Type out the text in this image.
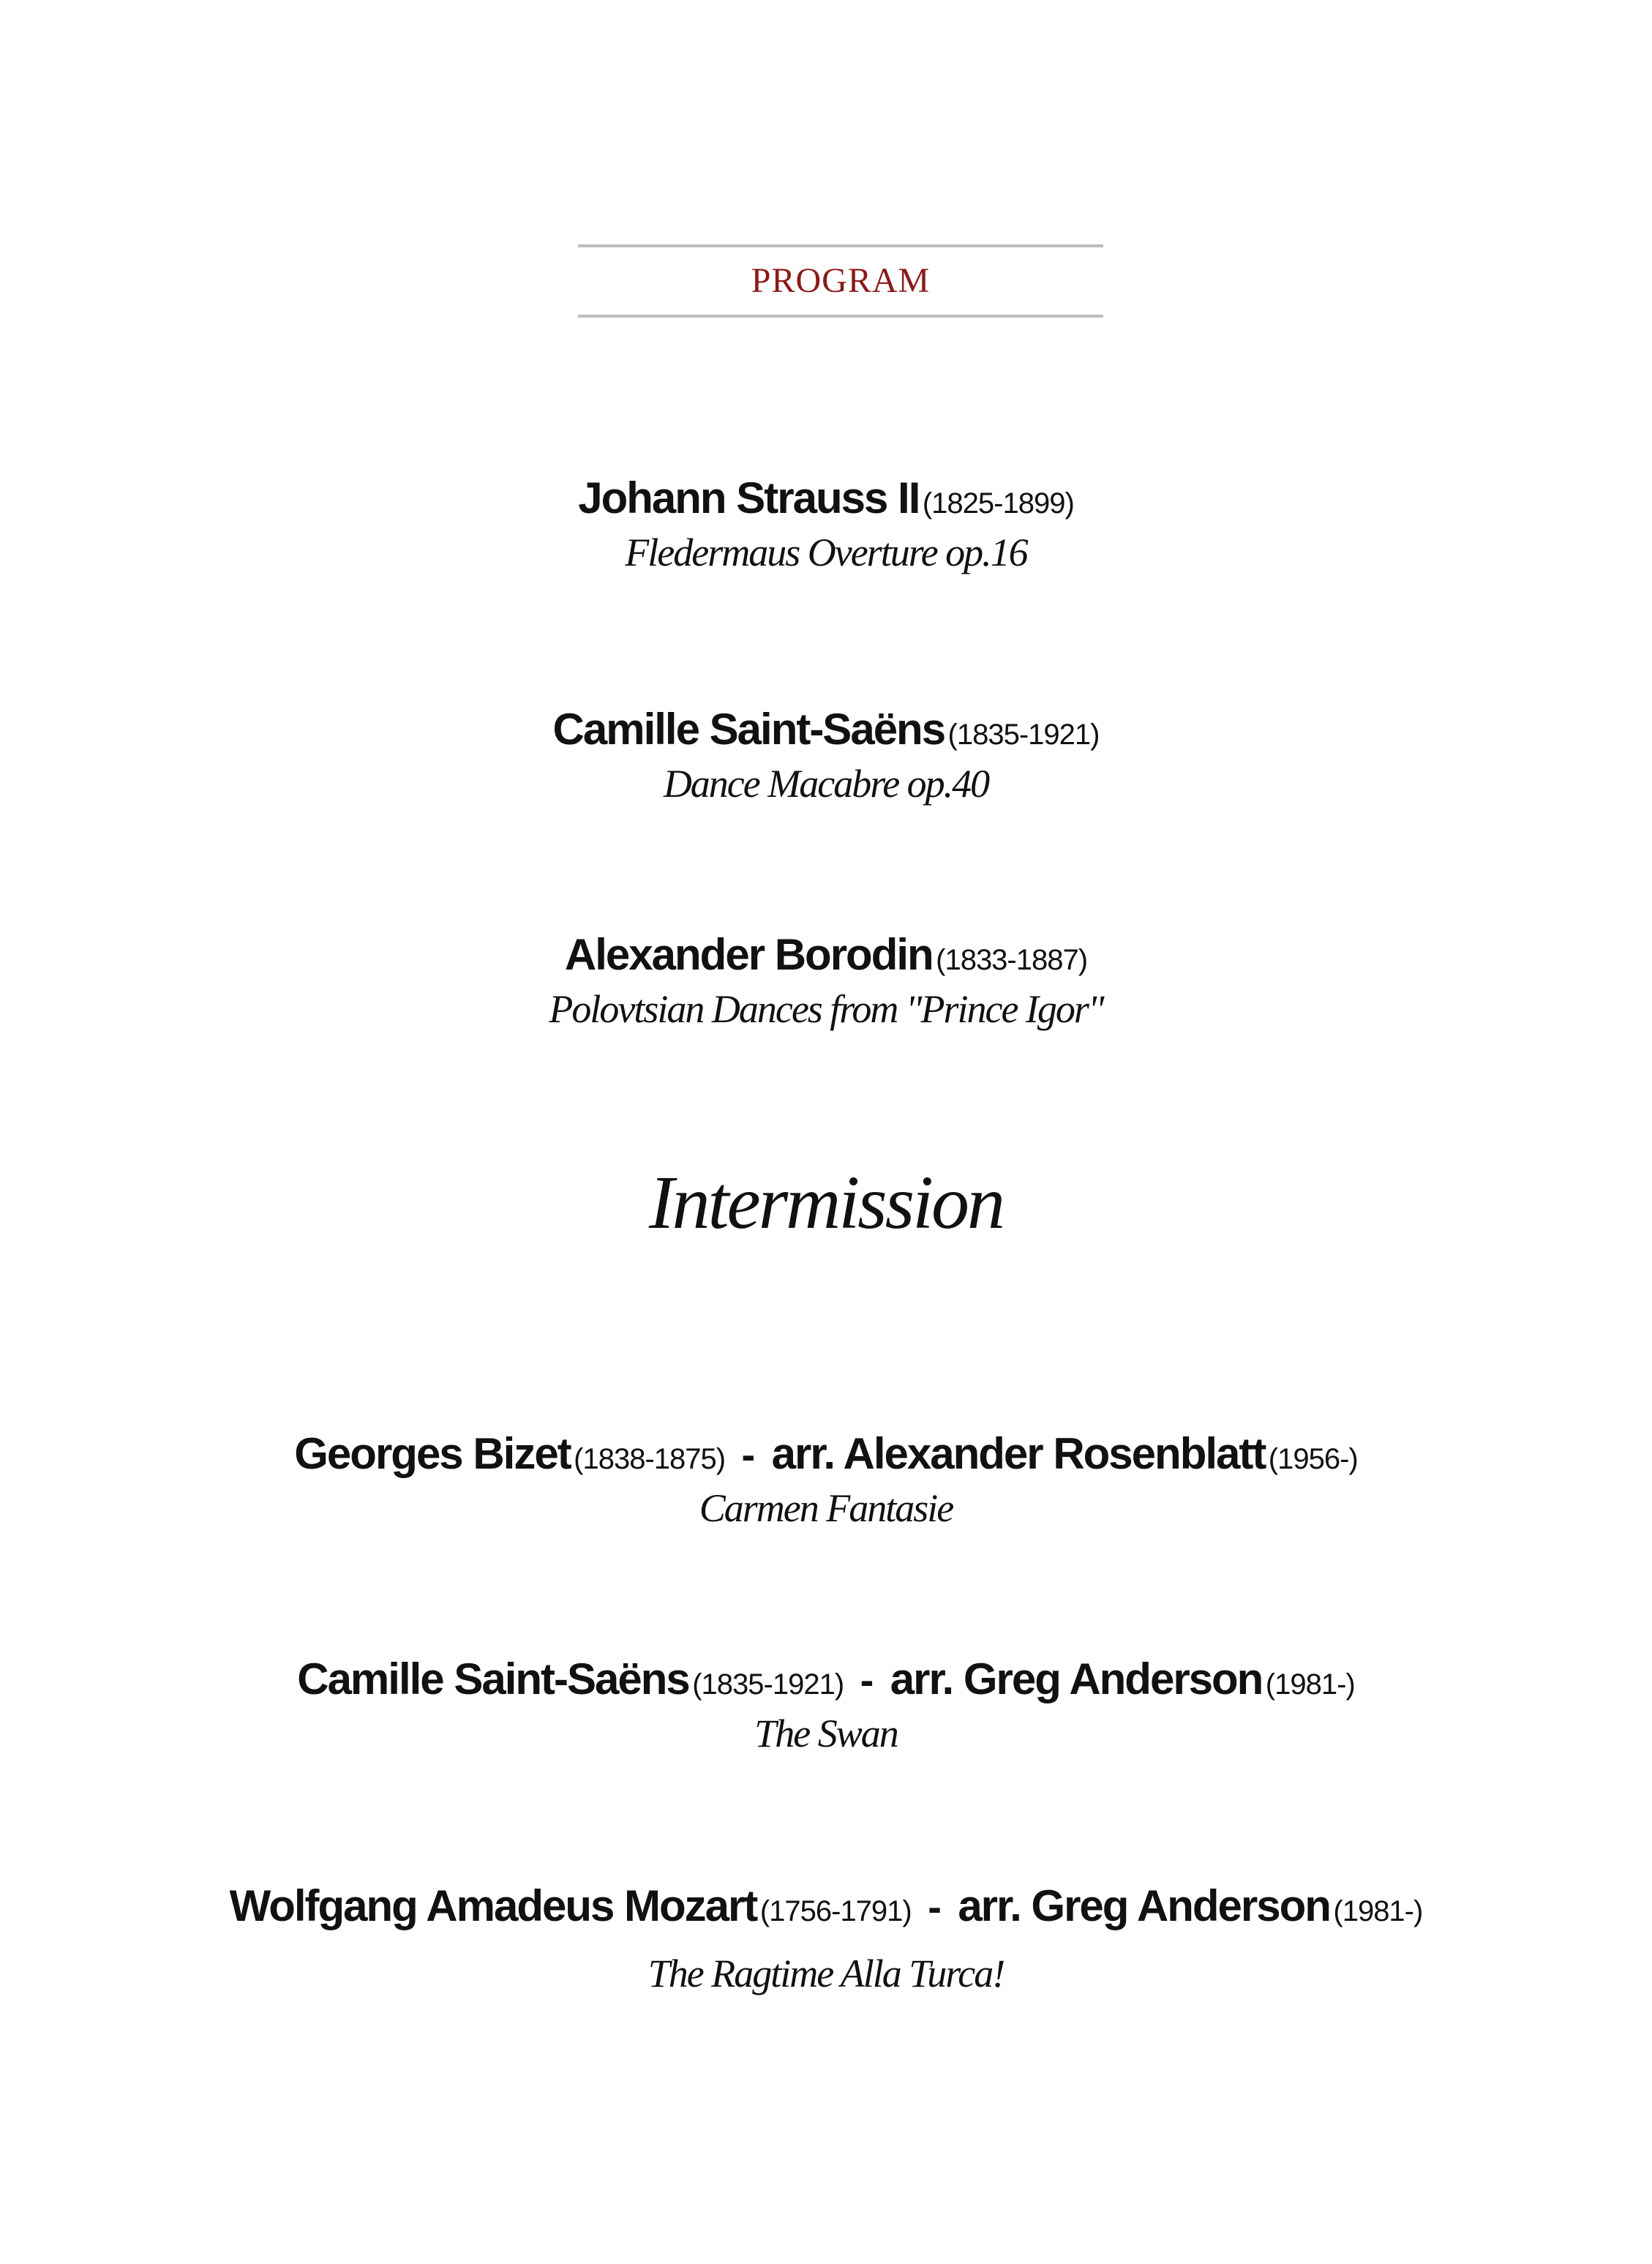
PROGRAM
Johann Strauss II (1825-1899)
Fledermaus Overture op.16
Camille Saint-Saëns (1835-1921)
Dance Macabre op.40
Alexander Borodin (1833-1887)
Polovtsian Dances from "Prince Igor"
Intermission
Georges Bizet (1838-1875) - arr. Alexander Rosenblatt (1956-)
Carmen Fantasie
Camille Saint-Saëns (1835-1921) - arr. Greg Anderson (1981-)
The Swan
Wolfgang Amadeus Mozart (1756-1791) - arr. Greg Anderson (1981-)
The Ragtime Alla Turca!
